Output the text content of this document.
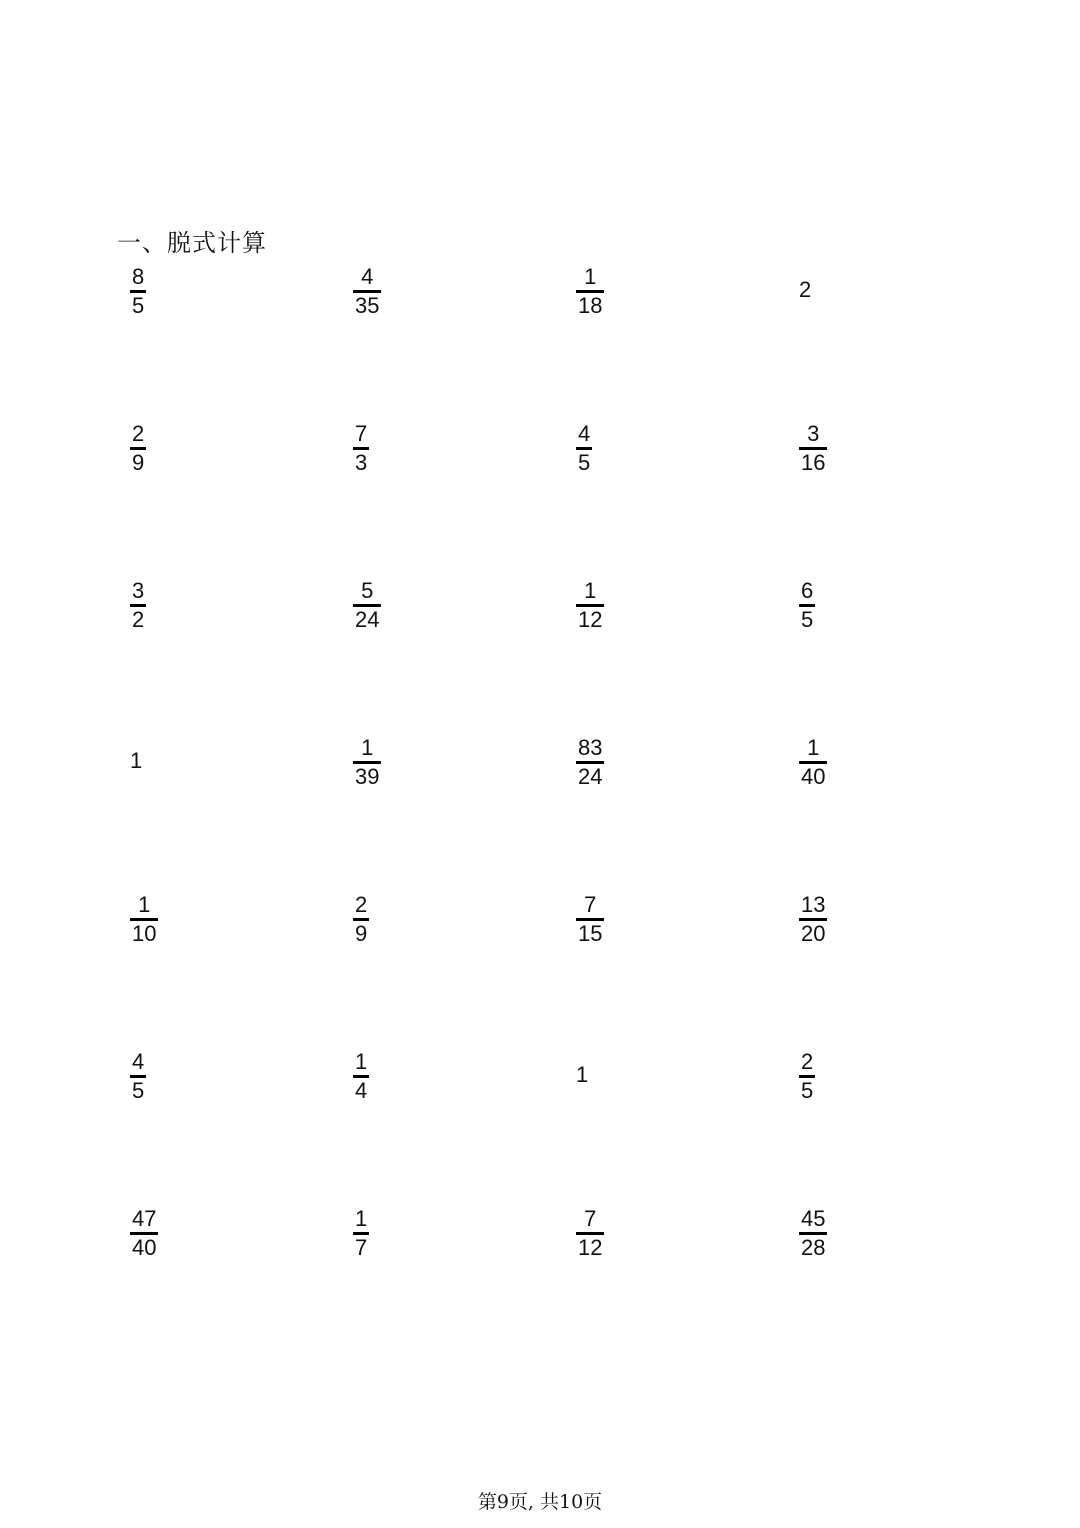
一、脱式计算
$\frac{8}{5}$	$\frac{4}{35}$	$\frac{1}{18}$	2
$\frac{2}{9}$	$\frac{7}{3}$	$\frac{4}{5}$	$\frac{3}{16}$
$\frac{3}{2}$	$\frac{5}{24}$	$\frac{1}{12}$	$\frac{6}{5}$
1	$\frac{1}{39}$	$\frac{83}{24}$	$\frac{1}{40}$
$\frac{1}{10}$	$\frac{2}{9}$	$\frac{7}{15}$	$\frac{13}{20}$
$\frac{4}{5}$	$\frac{1}{4}$	1	$\frac{2}{5}$
$\frac{47}{40}$	$\frac{1}{7}$	$\frac{7}{12}$	$\frac{45}{28}$
第9页, 共10页
